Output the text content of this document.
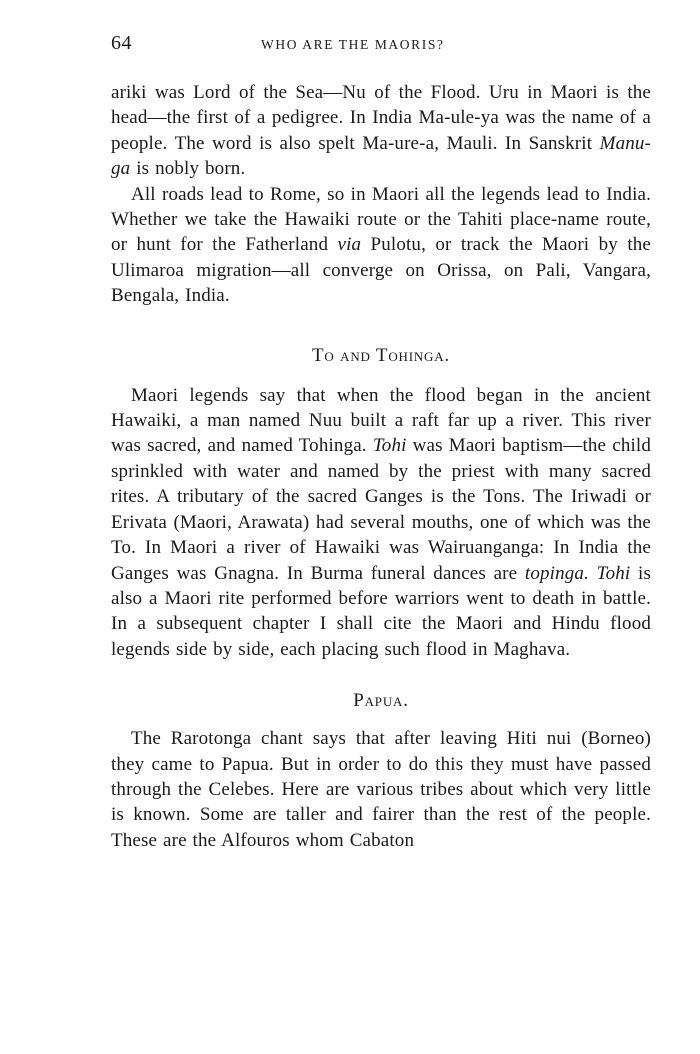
64	WHO ARE THE MAORIS?

ariki was Lord of the Sea—Nu of the Flood. Uru in Maori is the head—the first of a pedigree. In India Ma-ule-ya was the name of a people. The word is also spelt Ma-ure-a, Mauli. In Sanskrit Manu-ga is nobly born.

All roads lead to Rome, so in Maori all the legends lead to India. Whether we take the Hawaiki route or the Tahiti place-name route, or hunt for the Fatherland via Pulotu, or track the Maori by the Ulimaroa migration—all converge on Orissa, on Pali, Vangara, Bengala, India.

To and Tohinga.

Maori legends say that when the flood began in the ancient Hawaiki, a man named Nuu built a raft far up a river. This river was sacred, and named Tohinga. Tohi was Maori baptism—the child sprinkled with water and named by the priest with many sacred rites. A tributary of the sacred Ganges is the Tons. The Iriwadi or Erivata (Maori, Arawata) had several mouths, one of which was the To. In Maori a river of Hawaiki was Wairuanganga: In India the Ganges was Gnagna. In Burma funeral dances are topinga. Tohi is also a Maori rite performed before warriors went to death in battle. In a subsequent chapter I shall cite the Maori and Hindu flood legends side by side, each placing such flood in Maghava.

Papua.

The Rarotonga chant says that after leaving Hiti nui (Borneo) they came to Papua. But in order to do this they must have passed through the Celebes. Here are various tribes about which very little is known. Some are taller and fairer than the rest of the people. These are the Alfouros whom Cabaton
